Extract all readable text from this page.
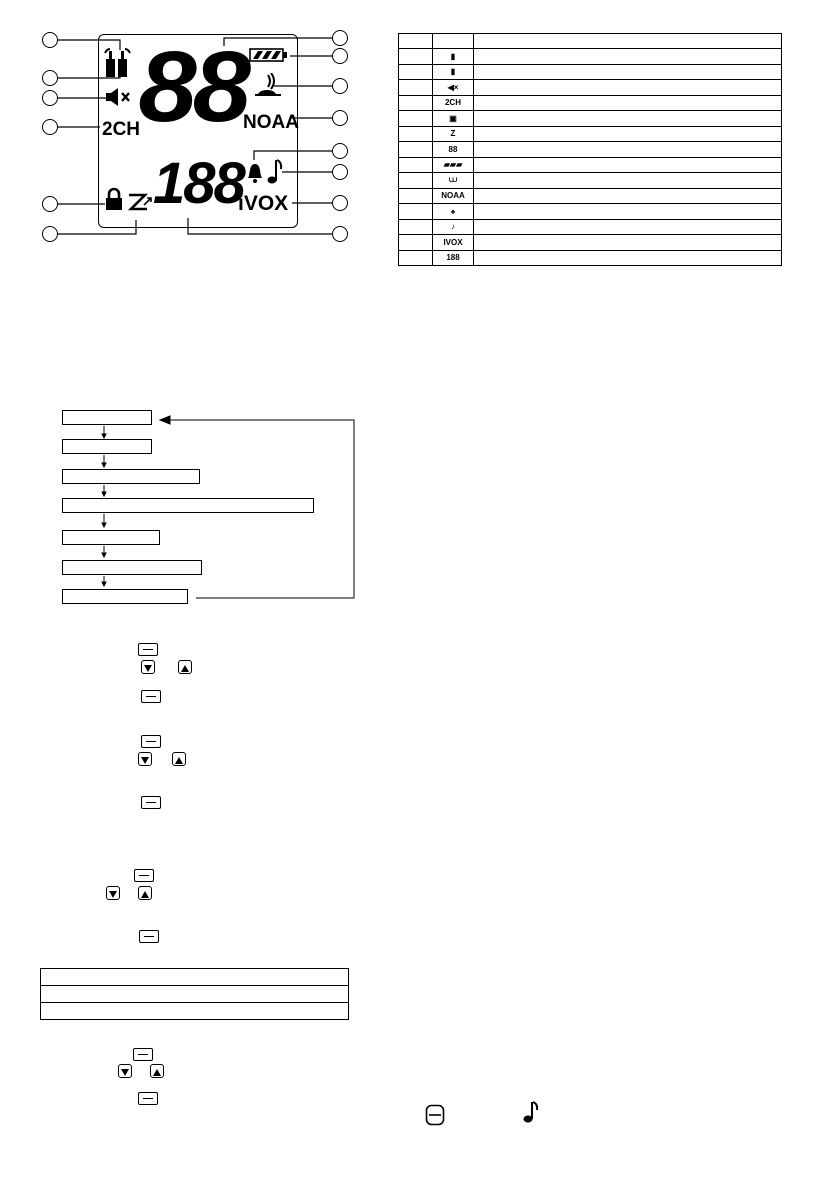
88
2CH	NOAA
iVOX
188

	▮	
	▮	
	◀×	
	2CH	
	▣	
	Z	
	88	
	▰▰▰	
	⩊	
	NOAA	
	♠	
	♪	
	IVOX	
	188	
